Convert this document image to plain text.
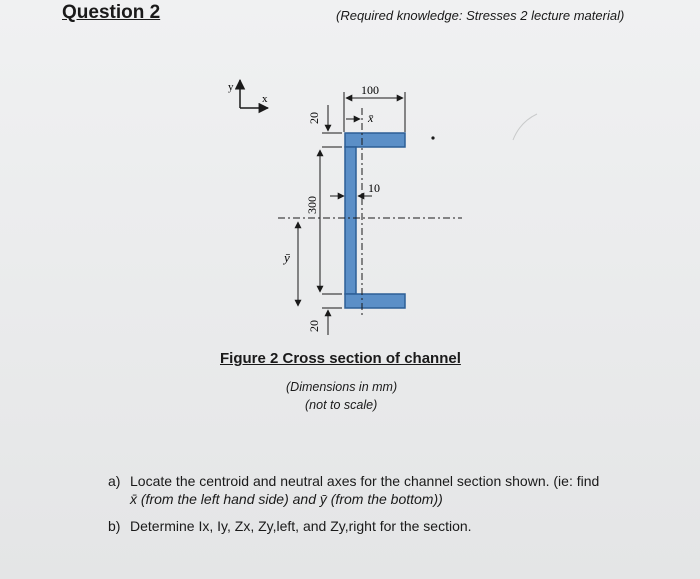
Question 2	(Required knowledge: Stresses 2 lecture material)
y
x
100
x̄
10
20
300
20
ȳ
Figure 2 Cross section of channel
(Dimensions in mm)
(not to scale)
a) Locate the centroid and neutral axes for the channel section shown. (ie: find
x̄ (from the left hand side) and ȳ (from the bottom))
b) Determine Ix, Iy, Zx, Zy,left, and Zy,right for the section.
